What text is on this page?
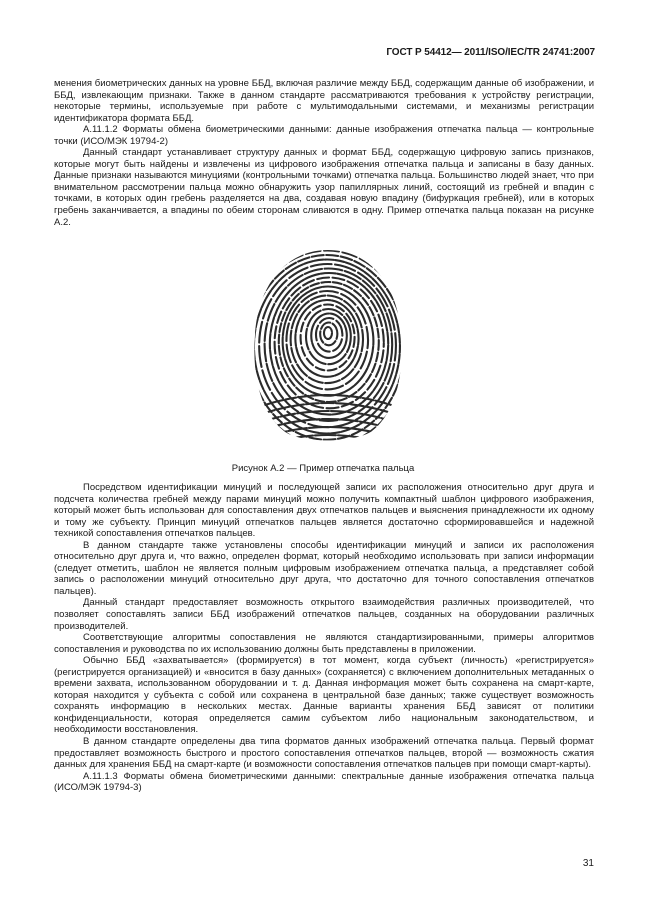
ГОСТ Р 54412— 2011/ISO/IEC/TR 24741:2007

менения биометрических данных на уровне ББД, включая различие между ББД, содержащим данные об изображении, и ББД, извлекающим признаки. Также в данном стандарте рассматриваются требования к устройству регистрации, некоторые термины, используемые при работе с мультимодальными системами, и механизмы регистрации идентификатора формата ББД.

А.11.1.2 Форматы обмена биометрическими данными: данные изображения отпечатка пальца — контрольные точки (ИСО/МЭК 19794-2)

Данный стандарт устанавливает структуру данных и формат ББД, содержащую цифровую запись признаков, которые могут быть найдены и извлечены из цифрового изображения отпечатка пальца и записаны в базу данных. Данные признаки называются минуциями (контрольными точками) отпечатка пальца. Большинство людей знает, что при внимательном рассмотрении пальца можно обнаружить узор папиллярных линий, состоящий из гребней и впадин с точками, в которых один гребень разделяется на два, создавая новую впадину (бифуркация гребней), или в которых гребень заканчивается, а впадины по обеим сторонам сливаются в одну. Пример отпечатка пальца показан на рисунке А.2.

Рисунок А.2 — Пример отпечатка пальца

Посредством идентификации минуций и последующей записи их расположения относительно друг друга и подсчета количества гребней между парами минуций можно получить компактный шаблон цифрового изображения, который может быть использован для сопоставления двух отпечатков пальцев и выяснения принадлежности их одному и тому же субъекту. Принцип минуций отпечатков пальцев является достаточно сформировавшейся и надежной техникой сопоставления отпечатков пальцев.

В данном стандарте также установлены способы идентификации минуций и записи их расположения относительно друг друга и, что важно, определен формат, который необходимо использовать при записи информации (следует отметить, шаблон не является полным цифровым изображением отпечатка пальца, а представляет собой запись о расположении минуций относительно друг друга, что достаточно для точного сопоставления отпечатков пальцев).

Данный стандарт предоставляет возможность открытого взаимодействия различных производителей, что позволяет сопоставлять записи ББД изображений отпечатков пальцев, созданных на оборудовании различных производителей.

Соответствующие алгоритмы сопоставления не являются стандартизированными, примеры алгоритмов сопоставления и руководства по их использованию должны быть представлены в приложении.

Обычно ББД «захватывается» (формируется) в тот момент, когда субъект (личность) «регистрируется» (регистрируется организацией) и «вносится в базу данных» (сохраняется) с включением дополнительных метаданных о времени захвата, использованном оборудовании и т. д. Данная информация может быть сохранена на смарт-карте, которая находится у субъекта с собой или сохранена в центральной базе данных; также существует возможность сохранять информацию в нескольких местах. Данные варианты хранения ББД зависят от политики конфиденциальности, которая определяется самим субъектом либо национальным законодательством, и необходимости восстановления.

В данном стандарте определены два типа форматов данных изображений отпечатка пальца. Первый формат предоставляет возможность быстрого и простого сопоставления отпечатков пальцев, второй — возможность сжатия данных для хранения ББД на смарт-карте (и возможности сопоставления отпечатков пальцев при помощи смарт-карты).

А.11.1.3 Форматы обмена биометрическими данными: спектральные данные изображения отпечатка пальца (ИСО/МЭК 19794-3)

31
